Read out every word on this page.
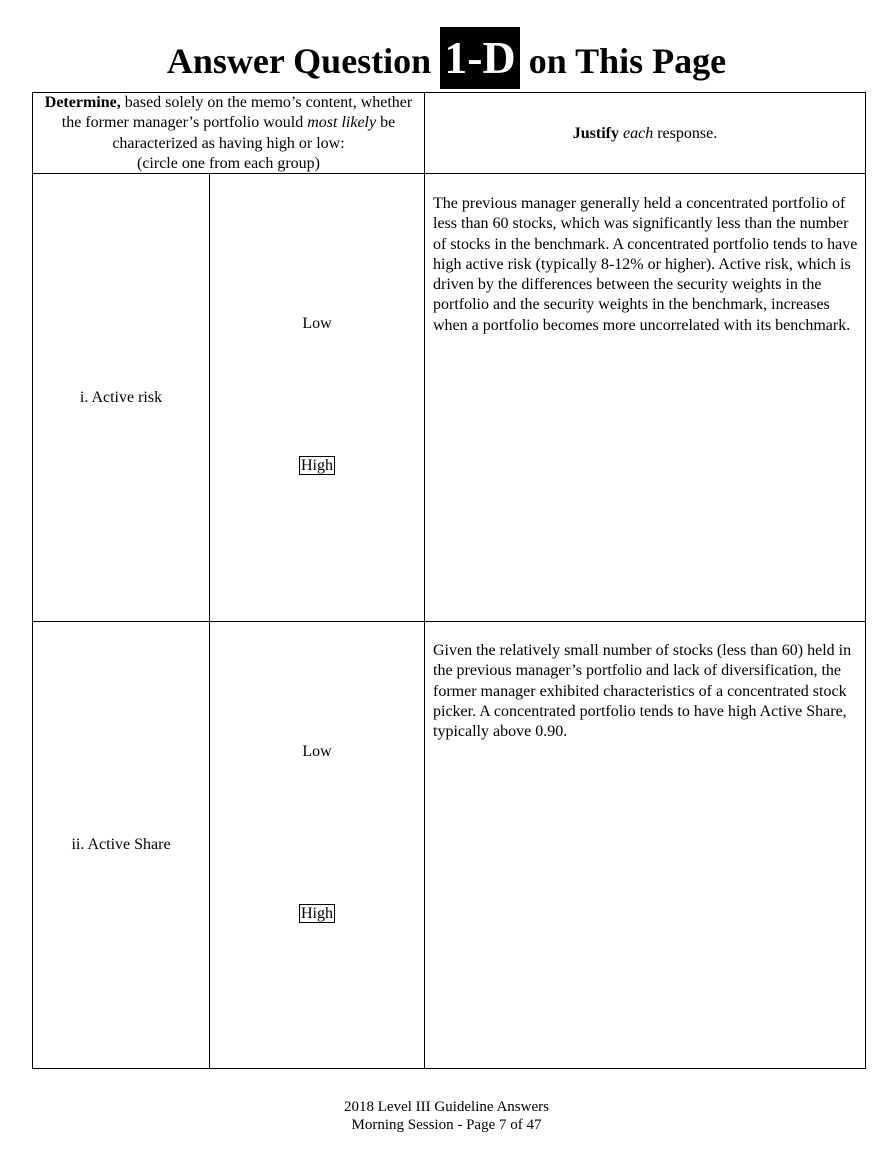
Answer Question 1-D on This Page
Determine, based solely on the memo’s content, whether the former manager’s portfolio would most likely be characterized as having high or low:
(circle one from each group)
Justify each response.
i. Active risk
Low
High

The previous manager generally held a concentrated portfolio of less than 60 stocks, which was significantly less than the number of stocks in the benchmark. A concentrated portfolio tends to have high active risk (typically 8-12% or higher). Active risk, which is driven by the differences between the security weights in the portfolio and the security weights in the benchmark, increases when a portfolio becomes more uncorrelated with its benchmark.

ii. Active Share
Low
High

Given the relatively small number of stocks (less than 60) held in the previous manager’s portfolio and lack of diversification, the former manager exhibited characteristics of a concentrated stock picker. A concentrated portfolio tends to have high Active Share, typically above 0.90.

2018 Level III Guideline Answers
Morning Session - Page 7 of 47
